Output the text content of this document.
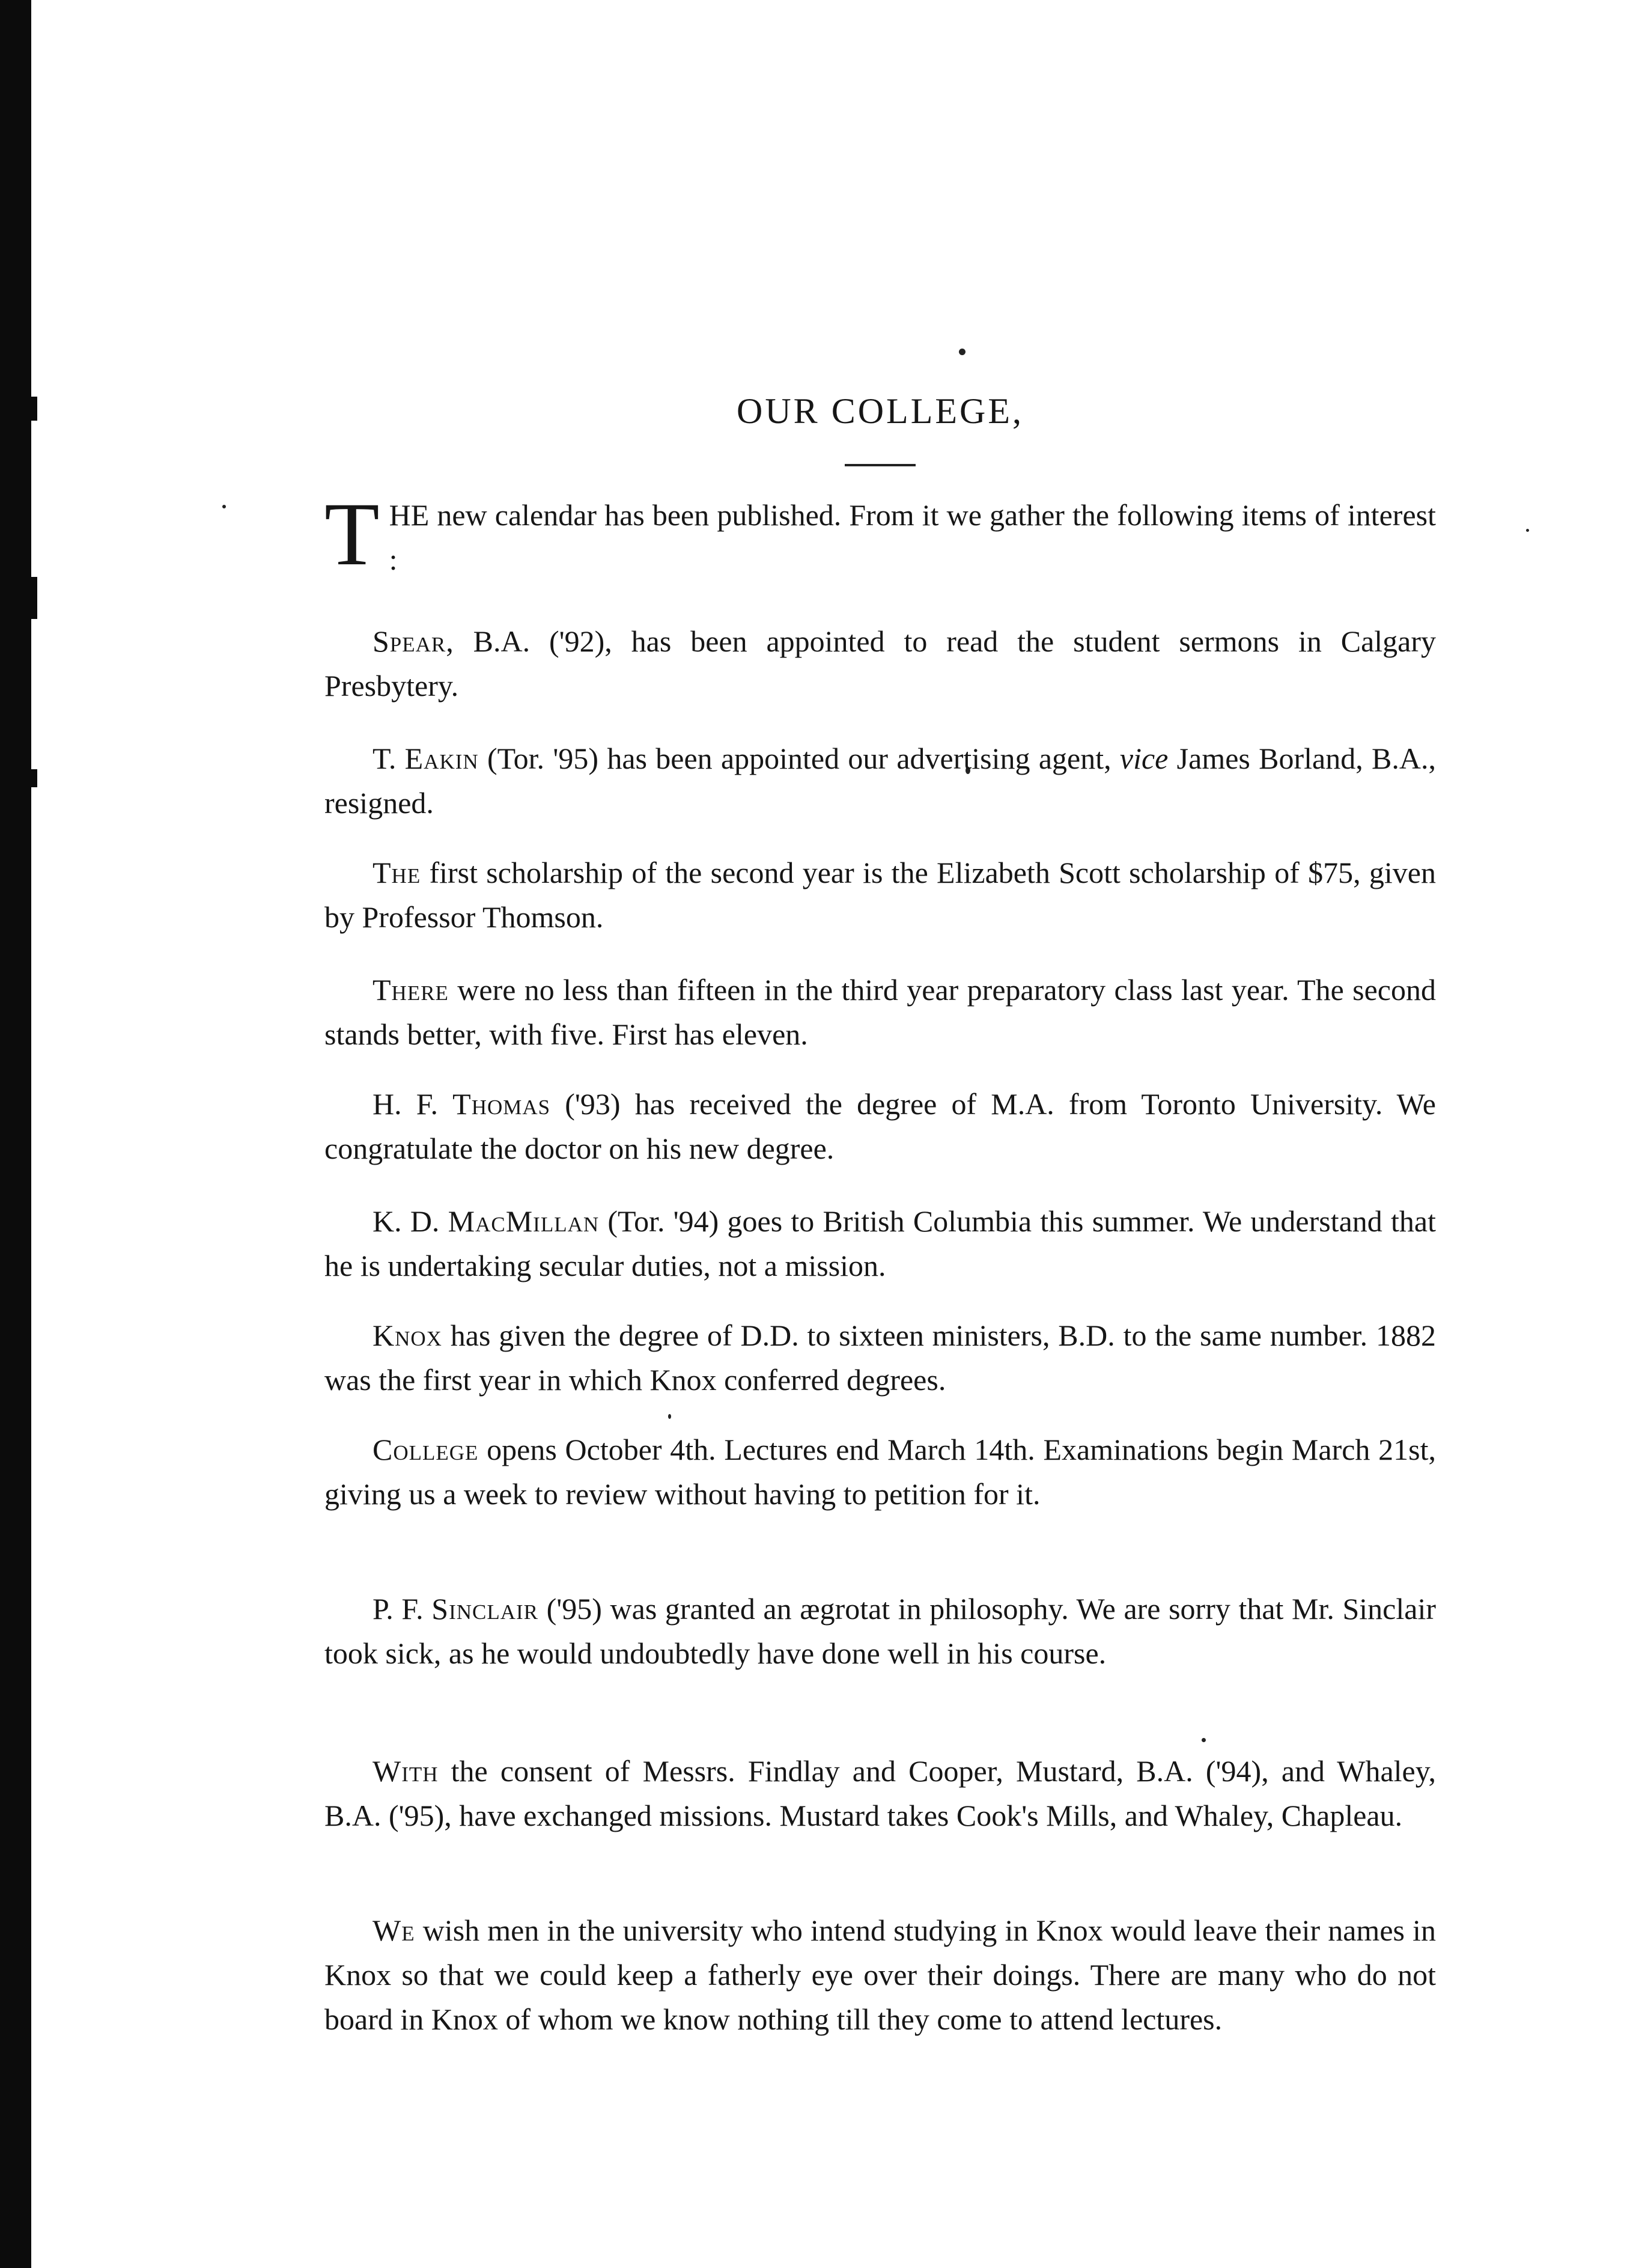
OUR COLLEGE,

THE new calendar has been published. From it we gather the following items of interest :

Spear, B.A. ('92), has been appointed to read the student sermons in Calgary Presbytery.

T. Eakin (Tor. '95) has been appointed our advertising agent, vice James Borland, B.A., resigned.

The first scholarship of the second year is the Elizabeth Scott scholarship of $75, given by Professor Thomson.

There were no less than fifteen in the third year preparatory class last year. The second stands better, with five. First has eleven.

H. F. Thomas ('93) has received the degree of M.A. from Toronto University. We congratulate the doctor on his new degree.

K. D. MacMillan (Tor. '94) goes to British Columbia this summer. We understand that he is undertaking secular duties, not a mission.

Knox has given the degree of D.D. to sixteen ministers, B.D. to the same number. 1882 was the first year in which Knox conferred degrees.

College opens October 4th. Lectures end March 14th. Examinations begin March 21st, giving us a week to review without having to petition for it.

P. F. Sinclair ('95) was granted an ægrotat in philosophy. We are sorry that Mr. Sinclair took sick, as he would undoubtedly have done well in his course.

With the consent of Messrs. Findlay and Cooper, Mustard, B.A. ('94), and Whaley, B.A. ('95), have exchanged missions. Mustard takes Cook's Mills, and Whaley, Chapleau.

We wish men in the university who intend studying in Knox would leave their names in Knox so that we could keep a fatherly eye over their doings. There are many who do not board in Knox of whom we know nothing till they come to attend lectures.
